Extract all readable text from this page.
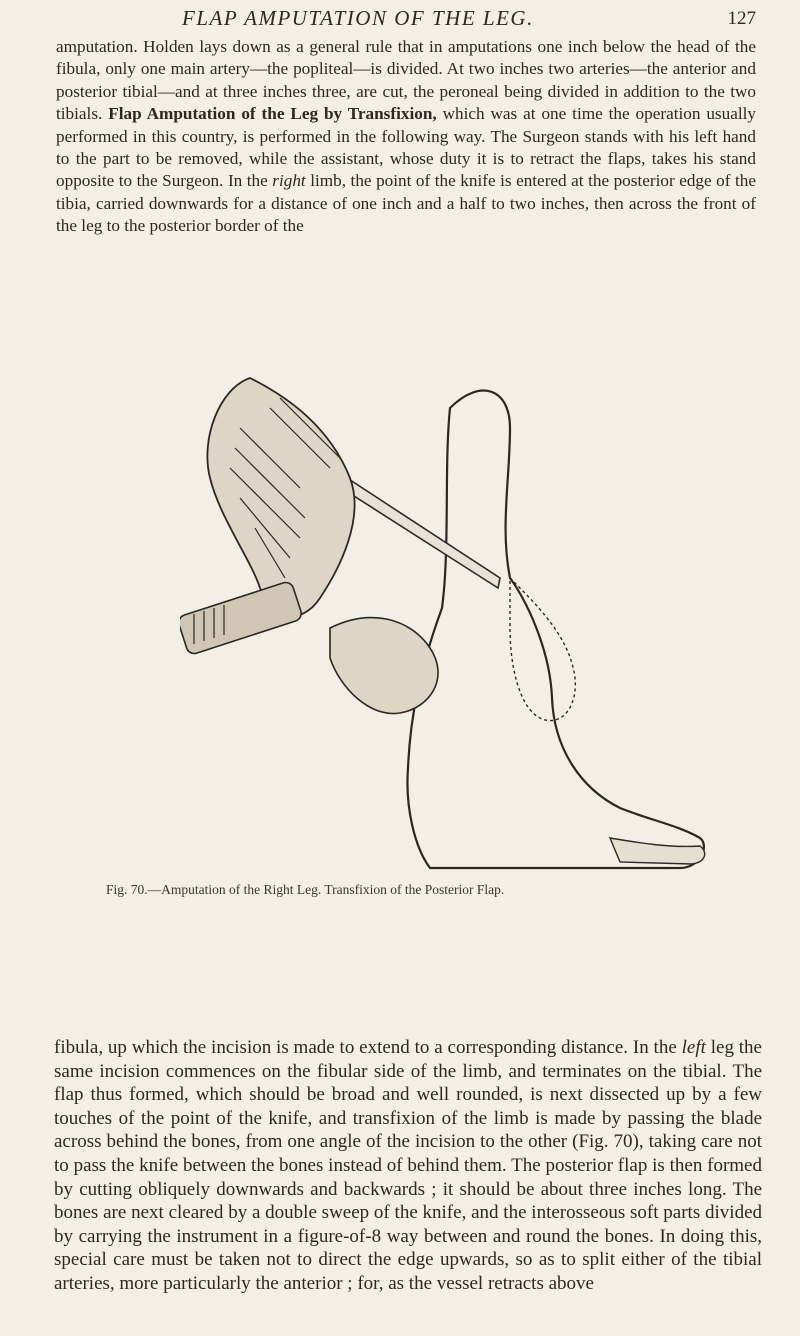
FLAP AMPUTATION OF THE LEG.	127

amputation. Holden lays down as a general rule that in amputations one inch below the head of the fibula, only one main artery—the popliteal—is divided. At two inches two arteries—the anterior and posterior tibial—and at three inches three, are cut, the peroneal being divided in addition to the two tibials. Flap Amputation of the Leg by Transfixion, which was at one time the operation usually performed in this country, is performed in the following way. The Surgeon stands with his left hand to the part to be removed, while the assistant, whose duty it is to retract the flaps, takes his stand opposite to the Surgeon. In the right limb, the point of the knife is entered at the posterior edge of the tibia, carried downwards for a distance of one inch and a half to two inches, then across the front of the leg to the posterior border of the

Fig. 70.—Amputation of the Right Leg. Transfixion of the Posterior Flap.

fibula, up which the incision is made to extend to a corresponding distance. In the left leg the same incision commences on the fibular side of the limb, and terminates on the tibial. The flap thus formed, which should be broad and well rounded, is next dissected up by a few touches of the point of the knife, and transfixion of the limb is made by passing the blade across behind the bones, from one angle of the incision to the other (Fig. 70), taking care not to pass the knife between the bones instead of behind them. The posterior flap is then formed by cutting obliquely downwards and backwards ; it should be about three inches long. The bones are next cleared by a double sweep of the knife, and the interosseous soft parts divided by carrying the instrument in a figure-of-8 way between and round the bones. In doing this, special care must be taken not to direct the edge upwards, so as to split either of the tibial arteries, more particularly the anterior ; for, as the vessel retracts above
